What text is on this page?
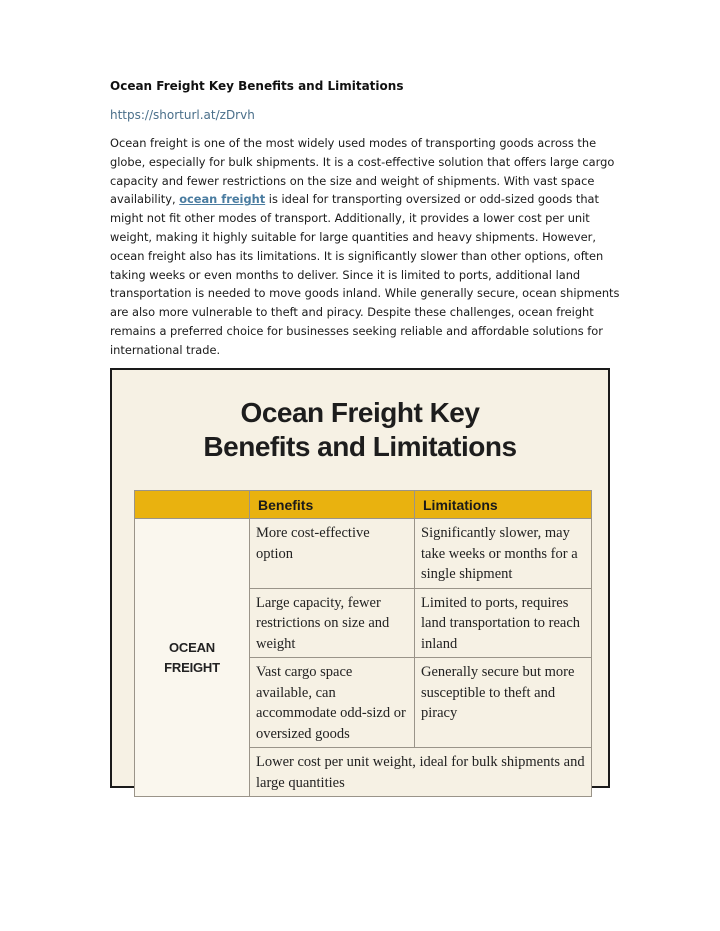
Ocean Freight Key Benefits and Limitations
https://shorturl.at/zDrvh

Ocean freight is one of the most widely used modes of transporting goods across the globe, especially for bulk shipments. It is a cost-effective solution that offers large cargo capacity and fewer restrictions on the size and weight of shipments. With vast space availability, ocean freight is ideal for transporting oversized or odd-sized goods that might not fit other modes of transport. Additionally, it provides a lower cost per unit weight, making it highly suitable for large quantities and heavy shipments. However, ocean freight also has its limitations. It is significantly slower than other options, often taking weeks or even months to deliver. Since it is limited to ports, additional land transportation is needed to move goods inland. While generally secure, ocean shipments are also more vulnerable to theft and piracy. Despite these challenges, ocean freight remains a preferred choice for businesses seeking reliable and affordable solutions for international trade.

Ocean Freight Key
Benefits and Limitations
	Benefits	Limitations
OCEAN FREIGHT	More cost-effective option	Significantly slower, may take weeks or months for a single shipment
	Large capacity, fewer restrictions on size and weight	Limited to ports, requires land transportation to reach inland
	Vast cargo space available, can accommodate odd-sizd or oversized goods	Generally secure but more susceptible to theft and piracy
	Lower cost per unit weight, ideal for bulk shipments and large quantities	
